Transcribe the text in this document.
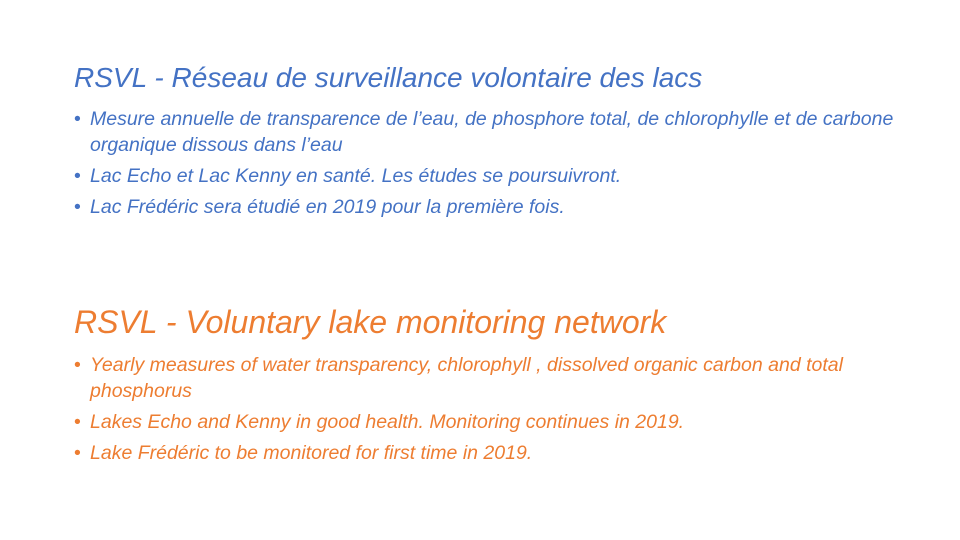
RSVL - Réseau de surveillance volontaire des lacs
• Mesure annuelle de transparence de l’eau, de phosphore total, de chlorophylle et de carbone organique dissous dans l’eau
• Lac Echo et Lac Kenny en santé. Les études se poursuivront.
• Lac Frédéric sera étudié en 2019 pour la première fois.
RSVL - Voluntary lake monitoring network
• Yearly measures of water transparency, chlorophyll , dissolved organic carbon and total phosphorus
• Lakes Echo and Kenny in good health. Monitoring continues in 2019.
• Lake Frédéric to be monitored for first time in 2019.
